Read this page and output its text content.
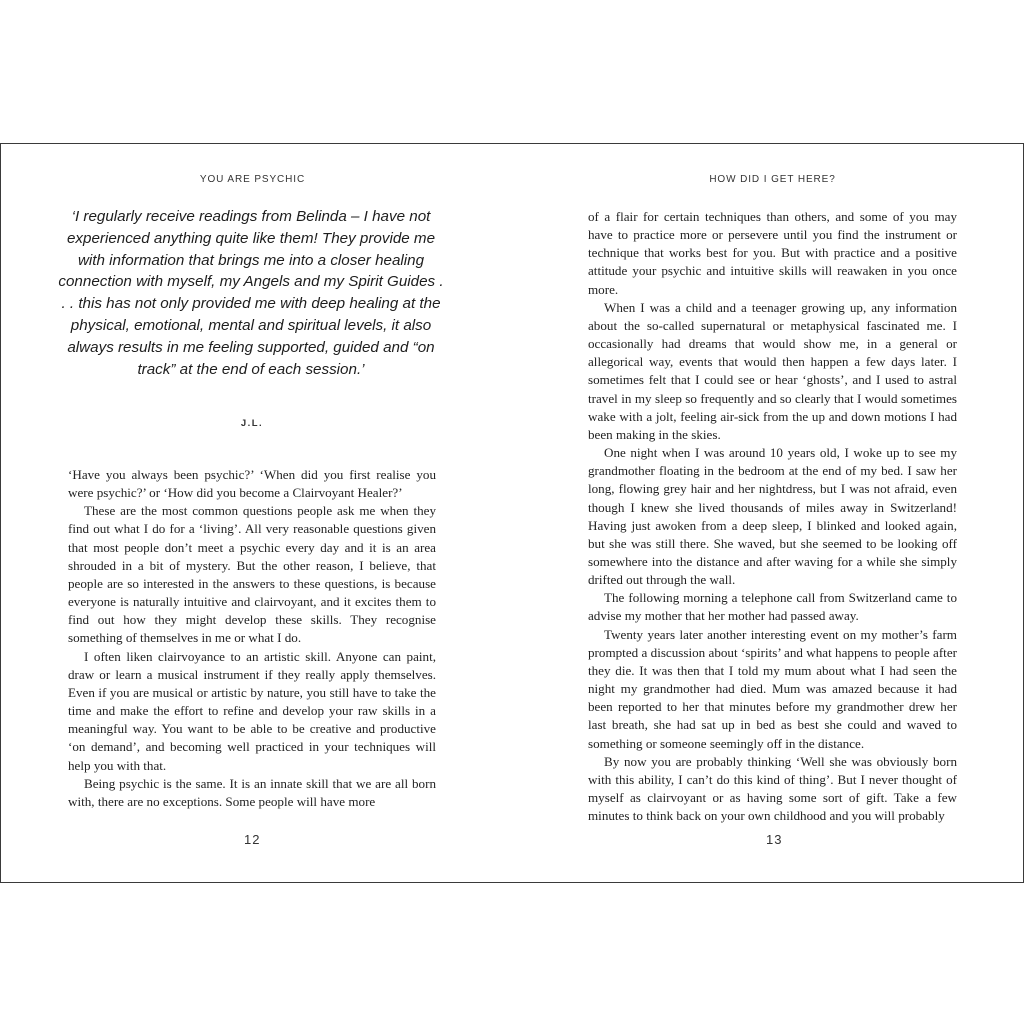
YOU ARE PSYCHIC
‘I regularly receive readings from Belinda – I have not experienced anything quite like them! They provide me with information that brings me into a closer healing connection with myself, my Angels and my Spirit Guides . . . this has not only provided me with deep healing at the physical, emotional, mental and spiritual levels, it also always results in me feeling supported, guided and “on track” at the end of each session.’
J.L.

‘Have you always been psychic?’ ‘When did you first realise you were psychic?’ or ‘How did you become a Clairvoyant Healer?’

These are the most common questions people ask me when they find out what I do for a ‘living’. All very reasonable questions given that most people don’t meet a psychic every day and it is an area shrouded in a bit of mystery. But the other reason, I believe, that people are so interested in the answers to these questions, is because everyone is naturally intuitive and clairvoyant, and it excites them to find out how they might develop these skills. They recognise something of themselves in me or what I do.

I often liken clairvoyance to an artistic skill. Anyone can paint, draw or learn a musical instrument if they really apply themselves. Even if you are musical or artistic by nature, you still have to take the time and make the effort to refine and develop your raw skills in a meaningful way. You want to be able to be creative and productive ‘on demand’, and becoming well practiced in your techniques will help you with that.

Being psychic is the same. It is an innate skill that we are all born with, there are no exceptions. Some people will have more

12
HOW DID I GET HERE?

of a flair for certain techniques than others, and some of you may have to practice more or persevere until you find the instrument or technique that works best for you. But with practice and a positive attitude your psychic and intuitive skills will reawaken in you once more.

When I was a child and a teenager growing up, any information about the so-called supernatural or metaphysical fascinated me. I occasionally had dreams that would show me, in a general or allegorical way, events that would then happen a few days later. I sometimes felt that I could see or hear ‘ghosts’, and I used to astral travel in my sleep so frequently and so clearly that I would sometimes wake with a jolt, feeling air-sick from the up and down motions I had been making in the skies.

One night when I was around 10 years old, I woke up to see my grandmother floating in the bedroom at the end of my bed. I saw her long, flowing grey hair and her nightdress, but I was not afraid, even though I knew she lived thousands of miles away in Switzerland! Having just awoken from a deep sleep, I blinked and looked again, but she was still there. She waved, but she seemed to be looking off somewhere into the distance and after waving for a while she simply drifted out through the wall.

The following morning a telephone call from Switzerland came to advise my mother that her mother had passed away.

Twenty years later another interesting event on my mother’s farm prompted a discussion about ‘spirits’ and what happens to people after they die. It was then that I told my mum about what I had seen the night my grandmother had died. Mum was amazed because it had been reported to her that minutes before my grandmother drew her last breath, she had sat up in bed as best she could and waved to something or someone seemingly off in the distance.

By now you are probably thinking ‘Well she was obviously born with this ability, I can’t do this kind of thing’. But I never thought of myself as clairvoyant or as having some sort of gift. Take a few minutes to think back on your own childhood and you will probably

13
